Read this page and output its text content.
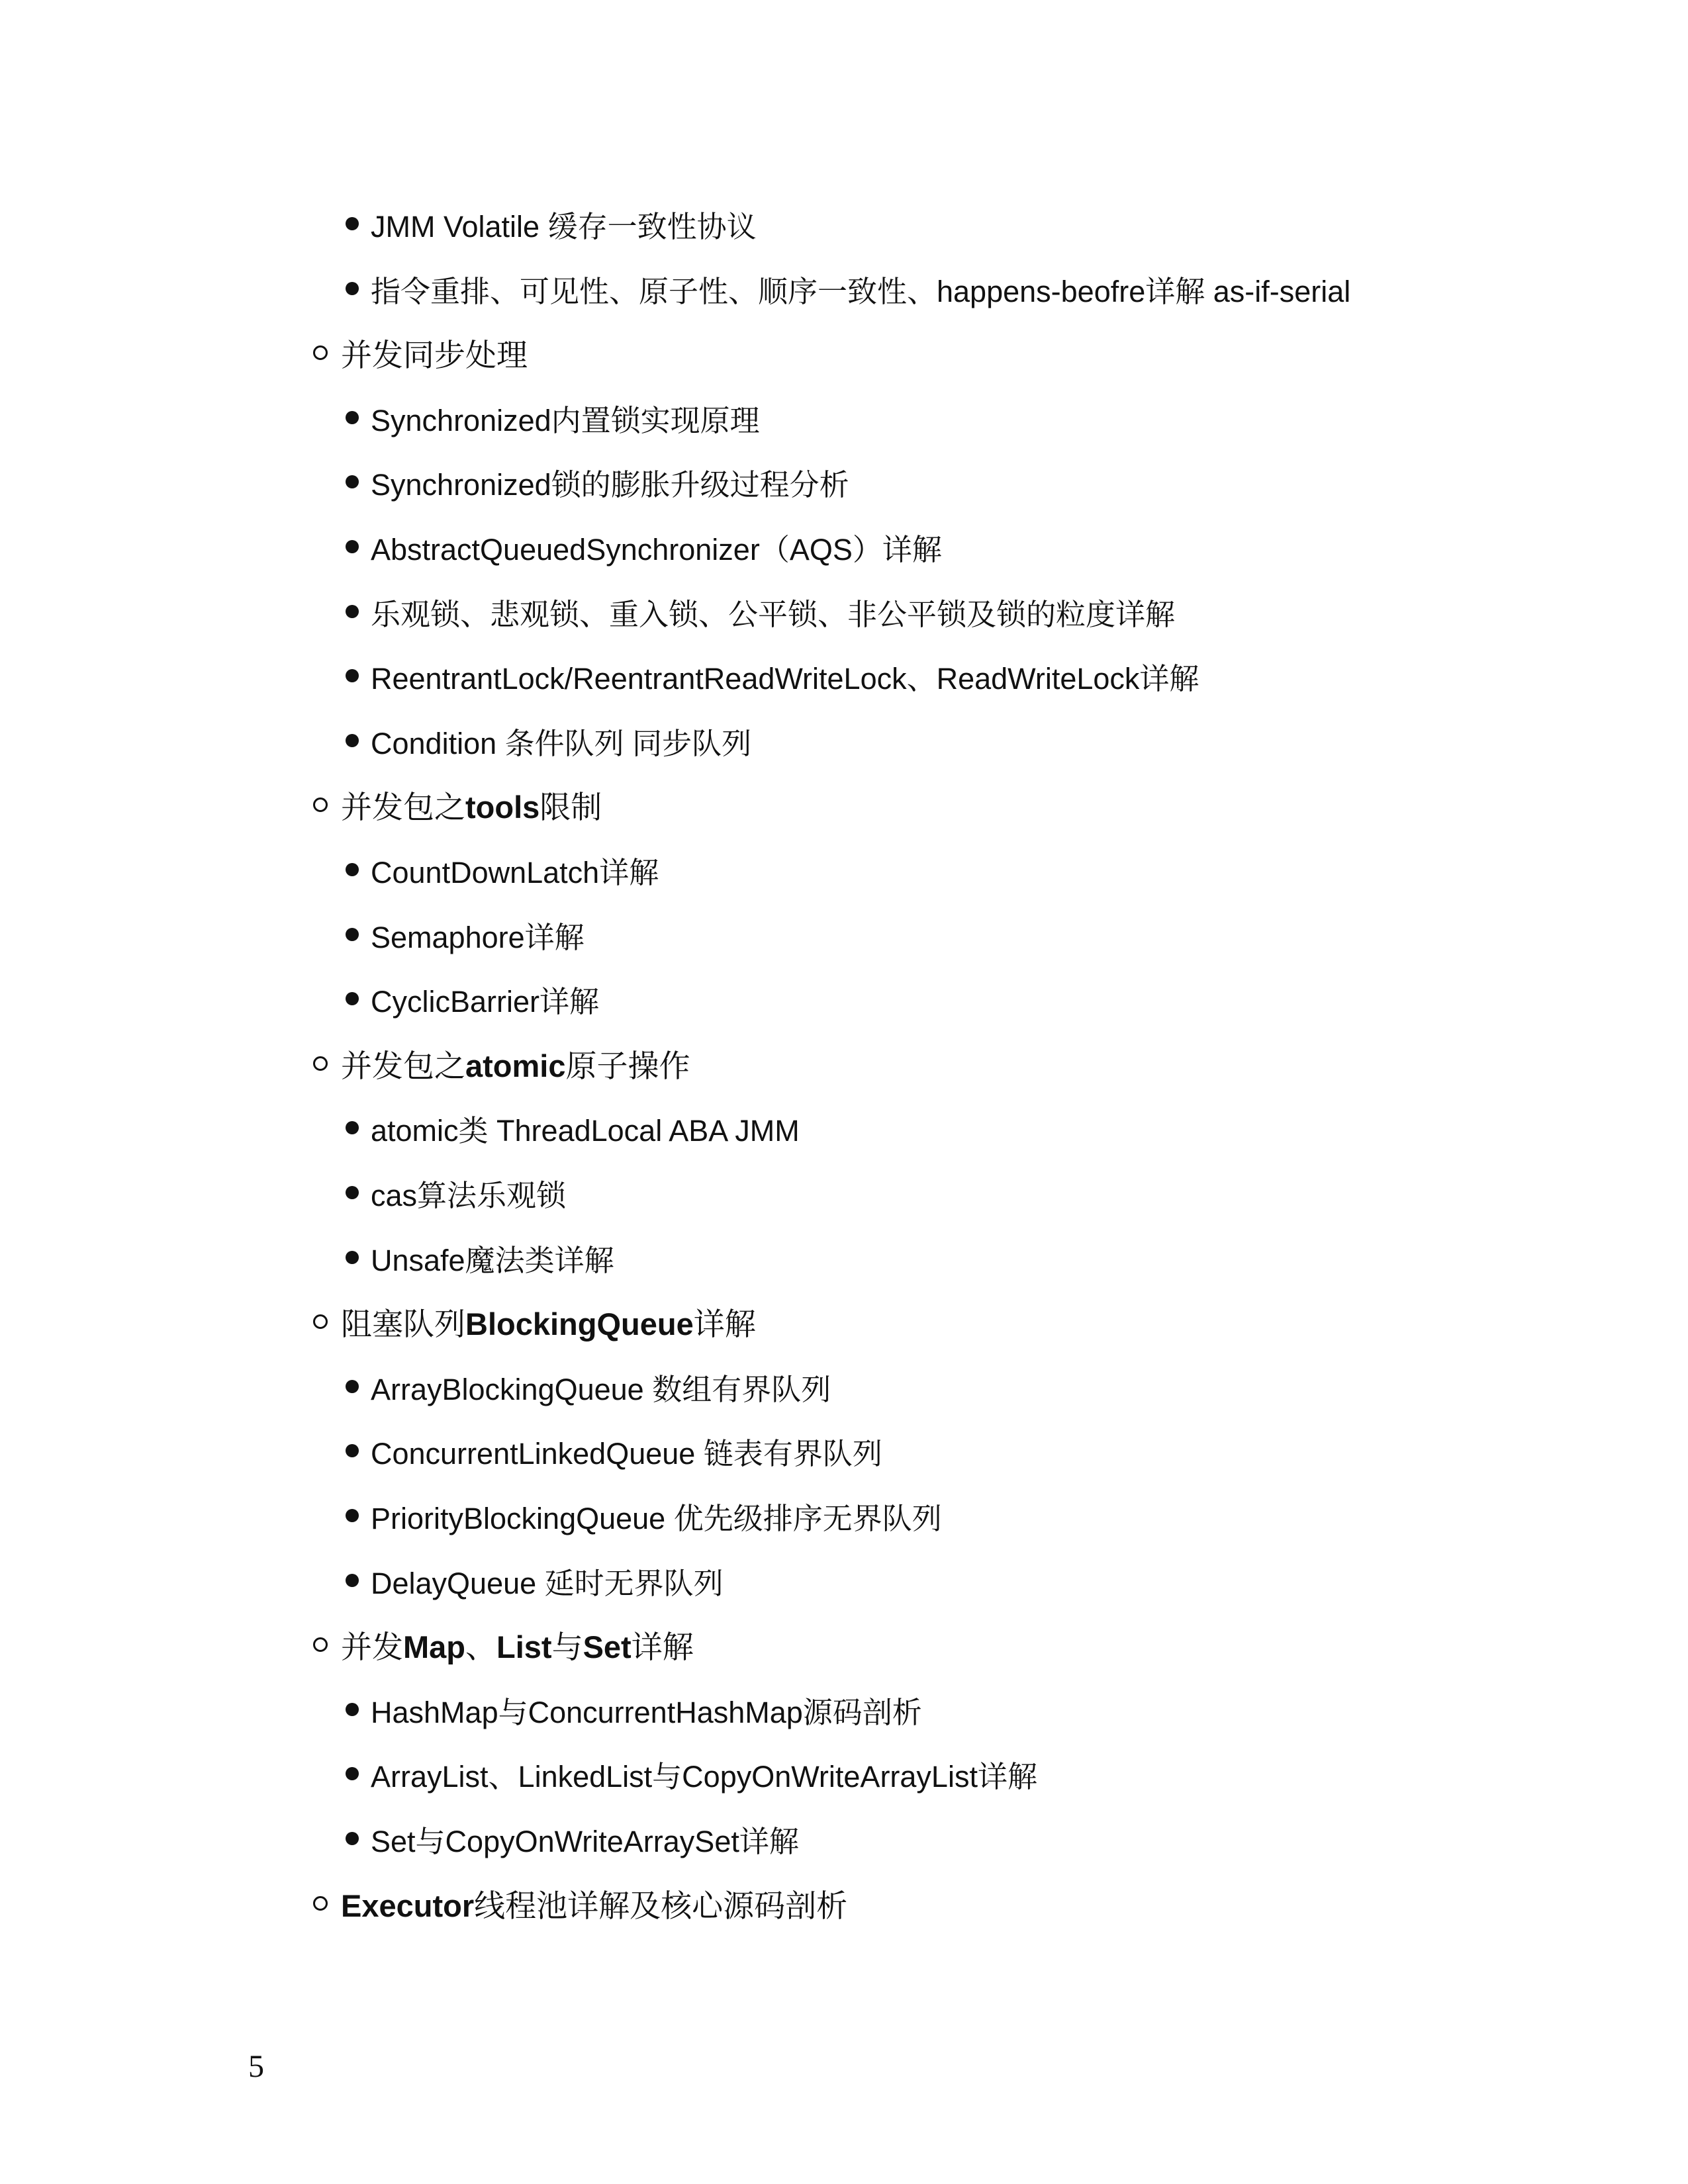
JMM Volatile 缓存一致性协议
指令重排、可见性、原子性、顺序一致性、happens-beofre详解 as-if-serial
并发同步处理
Synchronized内置锁实现原理
Synchronized锁的膨胀升级过程分析
AbstractQueuedSynchronizer（AQS）详解
乐观锁、悲观锁、重入锁、公平锁、非公平锁及锁的粒度详解
ReentrantLock/ReentrantReadWriteLock、ReadWriteLock详解
Condition 条件队列 同步队列
并发包之tools限制
CountDownLatch详解
Semaphore详解
CyclicBarrier详解
并发包之atomic原子操作
atomic类 ThreadLocal ABA JMM
cas算法乐观锁
Unsafe魔法类详解
阻塞队列BlockingQueue详解
ArrayBlockingQueue 数组有界队列
ConcurrentLinkedQueue 链表有界队列
PriorityBlockingQueue 优先级排序无界队列
DelayQueue 延时无界队列
并发Map、List与Set详解
HashMap与ConcurrentHashMap源码剖析
ArrayList、LinkedList与CopyOnWriteArrayList详解
Set与CopyOnWriteArraySet详解
Executor线程池详解及核心源码剖析
5
